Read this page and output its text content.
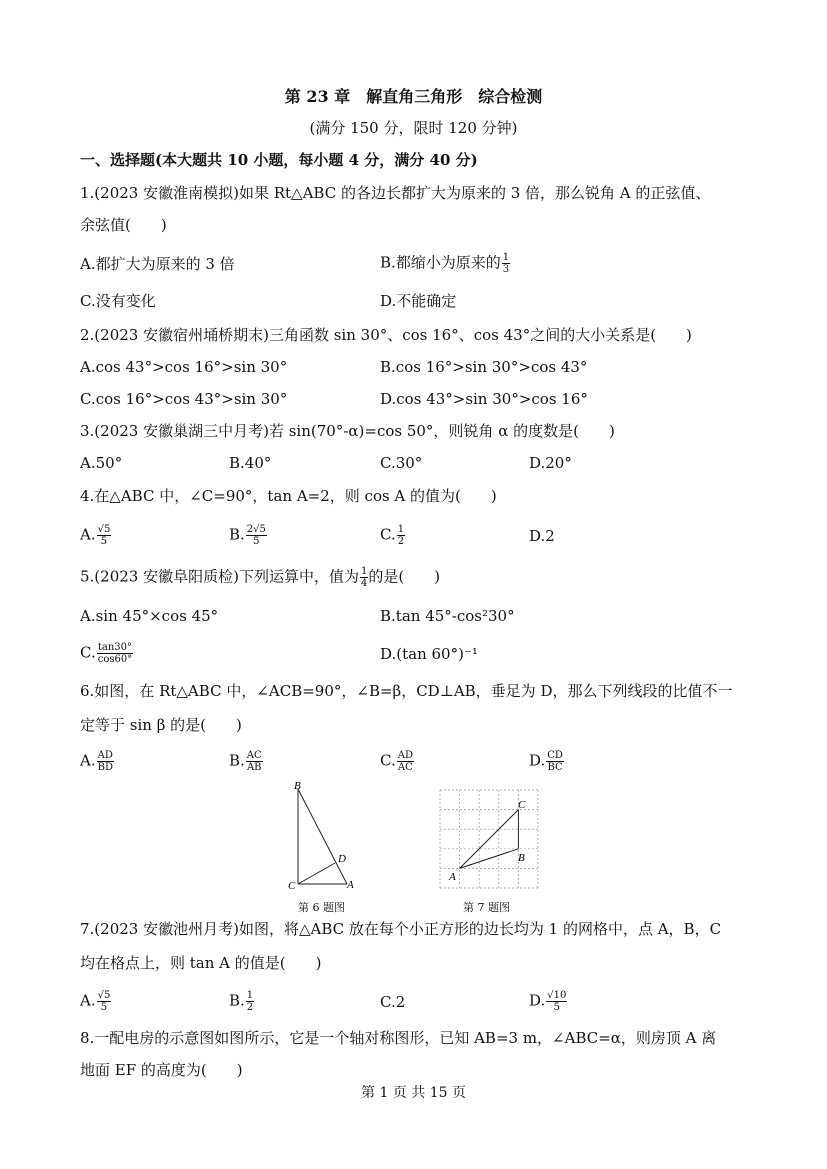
第 23 章　解直角三角形　综合检测
(满分 150 分，限时 120 分钟)
一、选择题(本大题共 10 小题，每小题 4 分，满分 40 分)
1.(2023 安徽淮南模拟)如果 Rt△ABC 的各边长都扩大为原来的 3 倍，那么锐角 A 的正弦值、
余弦值(　　)
A.都扩大为原来的 3 倍	B.都缩小为原来的 $\frac{1}{3}$
C.没有变化	D.不能确定
2.(2023 安徽宿州埇桥期末)三角函数 sin 30°、cos 16°、cos 43°之间的大小关系是(　　)
A.cos 43°>cos 16°>sin 30°	B.cos 16°>sin 30°>cos 43°
C.cos 16°>cos 43°>sin 30°	D.cos 43°>sin 30°>cos 16°
3.(2023 安徽巢湖三中月考)若 sin(70°-α)=cos 50°，则锐角 α 的度数是(　　)
A.50°	B.40°	C.30°	D.20°
4.在△ABC 中，∠C=90°，tan A=2，则 cos A 的值为(　　)
A. $\frac{√5}{5}$	B. $\frac{2√5}{5}$	C. $\frac{1}{2}$	D.2
5.(2023 安徽阜阳质检)下列运算中，值为 $\frac{1}{4}$ 的是(　　)
A.sin 45°×cos 45°	B.tan 45°-cos²30°
C. $\frac{\tan 30^\circ}{\cos 60^\circ}$	D.(tan 60°)⁻¹
6.如图，在 Rt△ABC 中，∠ACB=90°，∠B=β，CD⊥AB，垂足为 D，那么下列线段的比值不一
定等于 sin β 的是(　　)
A. $\frac{AD}{BD}$	B. $\frac{AC}{AB}$	C. $\frac{AD}{AC}$	D. $\frac{CD}{BC}$
B
D
C	A
第 6 题图
C
B
A
第 7 题图
7.(2023 安徽池州月考)如图，将△ABC 放在每个小正方形的边长均为 1 的网格中，点 A，B，C
均在格点上，则 tan A 的值是(　　)
A. $\frac{√5}{5}$	B. $\frac{1}{2}$	C.2	D. $\frac{√10}{5}$
8.一配电房的示意图如图所示，它是一个轴对称图形，已知 AB=3 m，∠ABC=α，则房顶 A 离
地面 EF 的高度为(　　)
第 1 页 共 15 页
